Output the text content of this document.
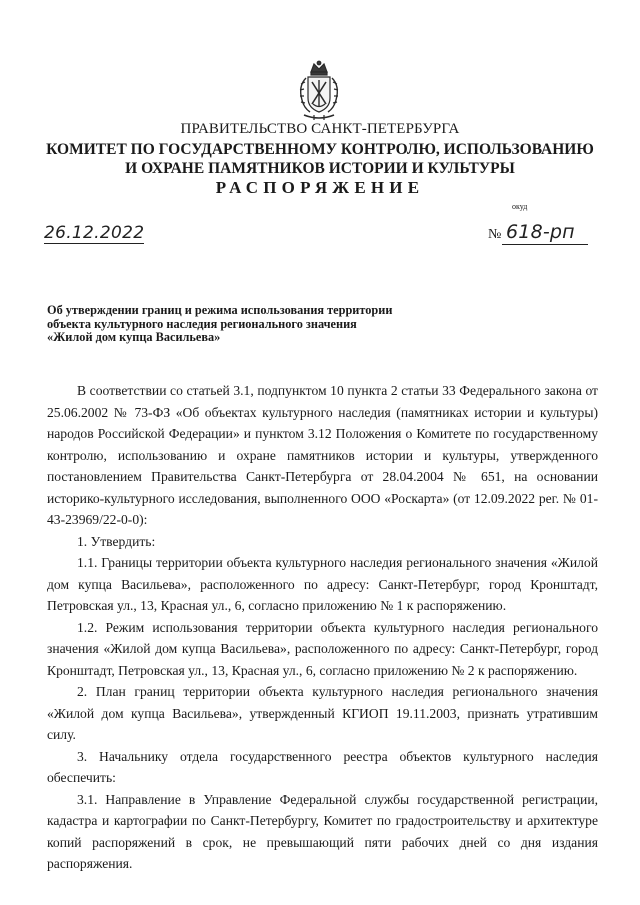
ПРАВИТЕЛЬСТВО САНКТ-ПЕТЕРБУРГА
КОМИТЕТ ПО ГОСУДАРСТВЕННОМУ КОНТРОЛЮ, ИСПОЛЬЗОВАНИЮ
И ОХРАНЕ ПАМЯТНИКОВ ИСТОРИИ И КУЛЬТУРЫ
РАСПОРЯЖЕНИЕ
окуд
26.12.2022	№ 618-рп
Об утверждении границ и режима использования территории
объекта культурного наследия регионального значения
«Жилой дом купца Васильева»

В соответствии со статьей 3.1, подпунктом 10 пункта 2 статьи 33 Федерального закона от 25.06.2002 № 73-ФЗ «Об объектах культурного наследия (памятниках истории и культуры) народов Российской Федерации» и пунктом 3.12 Положения о Комитете по государственному контролю, использованию и охране памятников истории и культуры, утвержденного постановлением Правительства Санкт-Петербурга от 28.04.2004 № 651, на основании историко-культурного исследования, выполненного ООО «Роскарта» (от 12.09.2022 рег. № 01-43-23969/22-0-0):

1. Утвердить:

1.1. Границы территории объекта культурного наследия регионального значения «Жилой дом купца Васильева», расположенного по адресу: Санкт-Петербург, город Кронштадт, Петровская ул., 13, Красная ул., 6, согласно приложению № 1 к распоряжению.

1.2. Режим использования территории объекта культурного наследия регионального значения «Жилой дом купца Васильева», расположенного по адресу: Санкт-Петербург, город Кронштадт, Петровская ул., 13, Красная ул., 6, согласно приложению № 2 к распоряжению.

2. План границ территории объекта культурного наследия регионального значения «Жилой дом купца Васильева», утвержденный КГИОП 19.11.2003, признать утратившим силу.

3. Начальнику отдела государственного реестра объектов культурного наследия обеспечить:

3.1. Направление в Управление Федеральной службы государственной регистрации, кадастра и картографии по Санкт-Петербургу, Комитет по градостроительству и архитектуре копий распоряжений в срок, не превышающий пяти рабочих дней со дня издания распоряжения.
